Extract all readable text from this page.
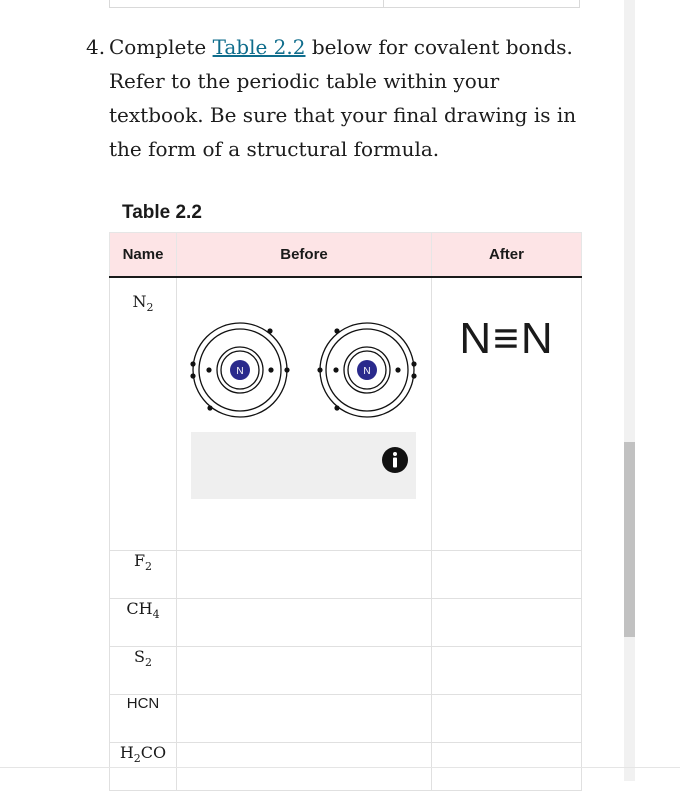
4. Complete Table 2.2 below for covalent bonds. Refer to the periodic table within your textbook. Be sure that your final drawing is in the form of a structural formula.
Table 2.2
Name	Before	After
$N_2$	N N	N≡N

$F_2$		
$CH_4$		
$S_2$		
HCN		
$H_2CO$		
